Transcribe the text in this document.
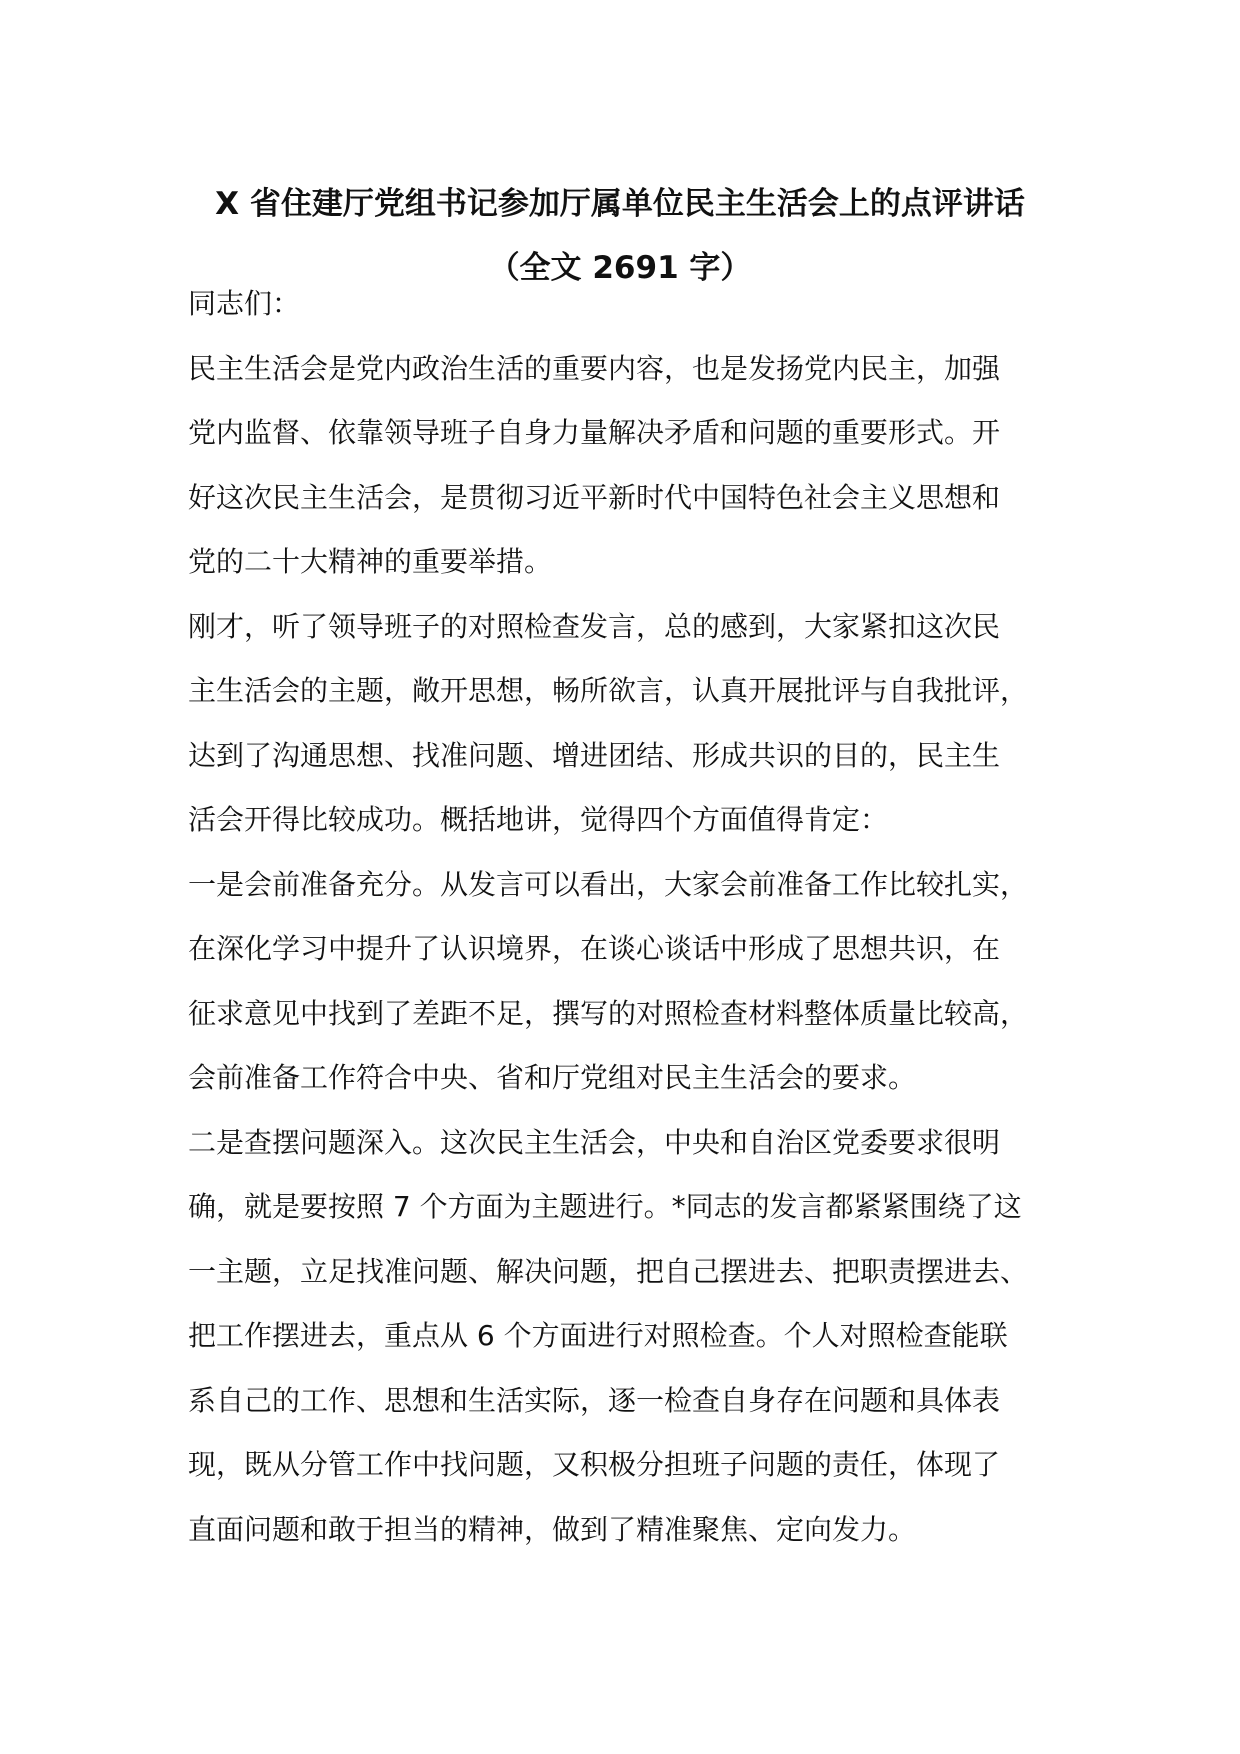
X 省住建厅党组书记参加厅属单位民主生活会上的点评讲话
（全文 2691 字）
同志们：
民主生活会是党内政治生活的重要内容，也是发扬党内民主，加强
党内监督、依靠领导班子自身力量解决矛盾和问题的重要形式。开
好这次民主生活会，是贯彻习近平新时代中国特色社会主义思想和
党的二十大精神的重要举措。
刚才，听了领导班子的对照检查发言，总的感到，大家紧扣这次民
主生活会的主题，敞开思想，畅所欲言，认真开展批评与自我批评，
达到了沟通思想、找准问题、增进团结、形成共识的目的，民主生
活会开得比较成功。概括地讲，觉得四个方面值得肯定：
一是会前准备充分。从发言可以看出，大家会前准备工作比较扎实，
在深化学习中提升了认识境界，在谈心谈话中形成了思想共识，在
征求意见中找到了差距不足，撰写的对照检查材料整体质量比较高，
会前准备工作符合中央、省和厅党组对民主生活会的要求。
二是查摆问题深入。这次民主生活会，中央和自治区党委要求很明
确，就是要按照 7 个方面为主题进行。*同志的发言都紧紧围绕了这
一主题，立足找准问题、解决问题，把自己摆进去、把职责摆进去、
把工作摆进去，重点从 6 个方面进行对照检查。个人对照检查能联
系自己的工作、思想和生活实际，逐一检查自身存在问题和具体表
现，既从分管工作中找问题，又积极分担班子问题的责任，体现了
直面问题和敢于担当的精神，做到了精准聚焦、定向发力。
